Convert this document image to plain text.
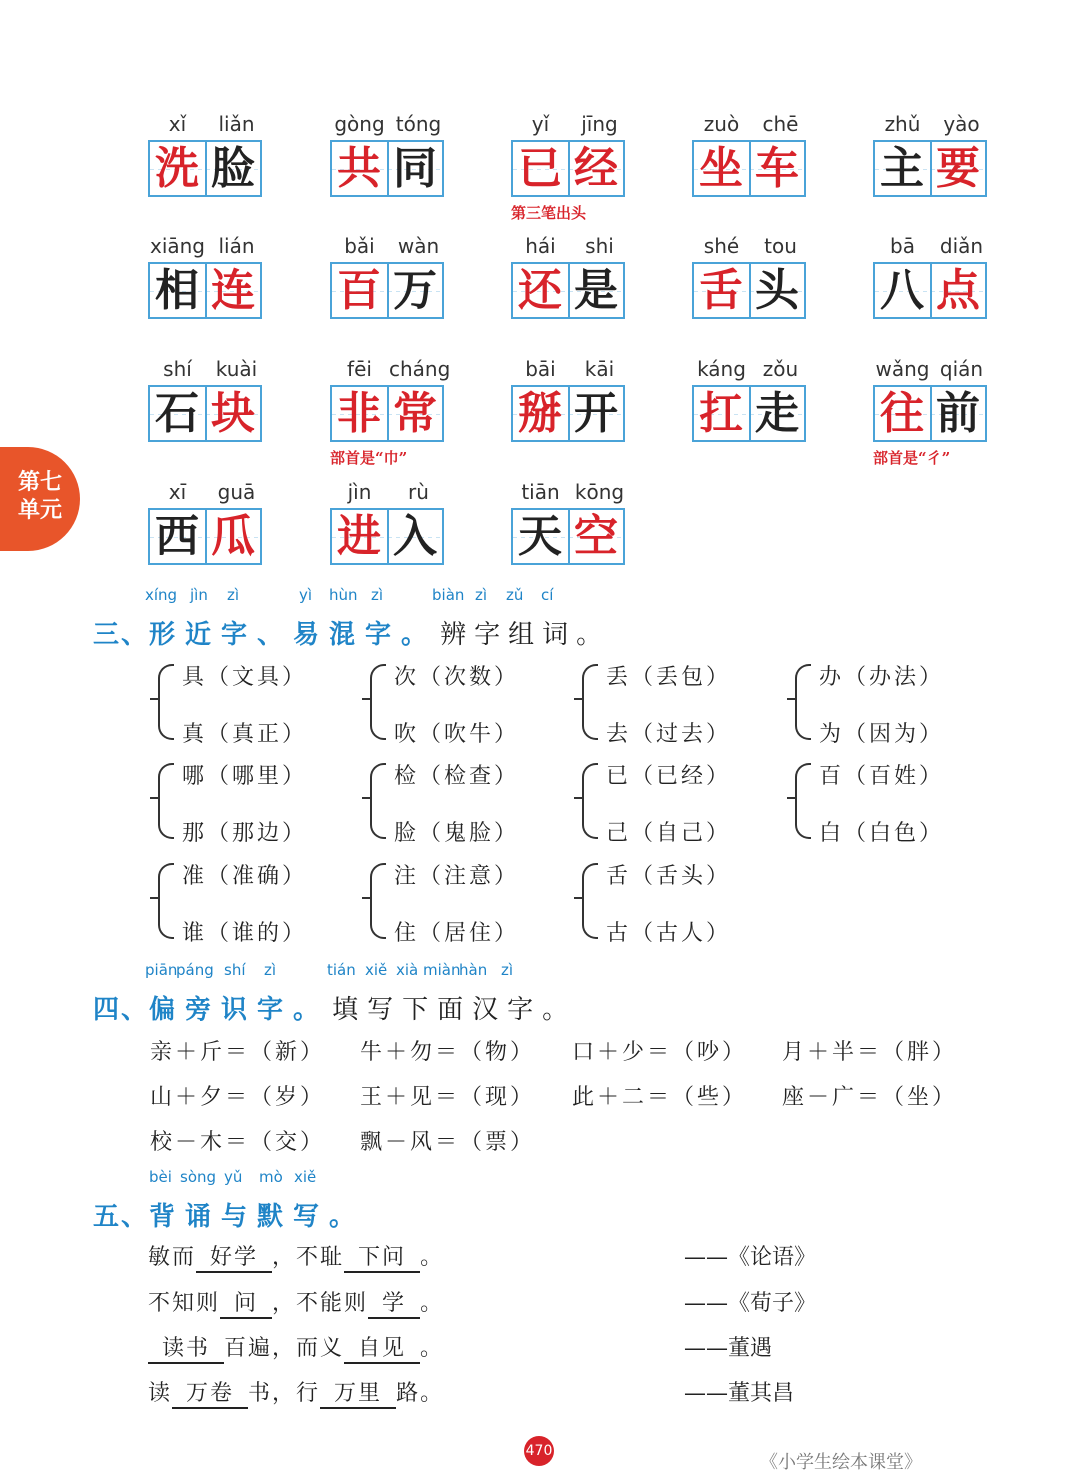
第七
单元
xǐ	liǎn
洗 脸
gòng tóng
共 同
yǐ	jīng
已 经
第三笔出头
zuò	chē
坐 车
zhǔ	yào
主 要
xiāng lián
相 连
bǎi	wàn
百 万
hái	shi
还 是
shé	tou
舌 头
bā	diǎn
八 点
shí	kuài
石 块
fēi cháng
非 常
部首是“巾”
bāi	kāi
掰 开
káng zǒu
扛 走
wǎng qián
往 前
部首是“彳”
xī	guā
西 瓜
jìn	rù
进 入
tiān kōng
天 空
xíng jìn zì	yì hùn zì	biàn zì zǔ cí
三、形近字、易混字。 辨字组词。
具（文具）
真（真正）
次（次数）
吹（吹牛）
丢（丢包）
去（过去）
办（办法）
为（因为）
哪（哪里）
那（那边）
检（检查）
脸（鬼脸）
已（已经）
己（自己）
百（百姓）
白（白色）
准（准确）
谁（谁的）
注（注意）
住（居住）
舌（舌头）
古（古人）
piān
páng shí zì	tián xiě xià miàn
hàn zì
四、偏旁识字。 填写下面汉字。
亲＋斤＝（新） 牛＋勿＝（物） 口＋少＝（吵） 月＋半＝（胖）
山＋夕＝（岁） 王＋见＝（现） 此＋二＝（些） 座－广＝（坐）
校－木＝（交） 飘－风＝（票）
bèi sòng yǔ mò xiě
五、背诵与默写。
敏而 好学 ，不耻 下问 。	——《论语》
不知则 问 ，不能则 学 。	——《荀子》
读书 百遍，而义 自见 。	——董遇
读 万卷 书，行 万里 路。	——董其昌
470
《小学生绘本课堂》
